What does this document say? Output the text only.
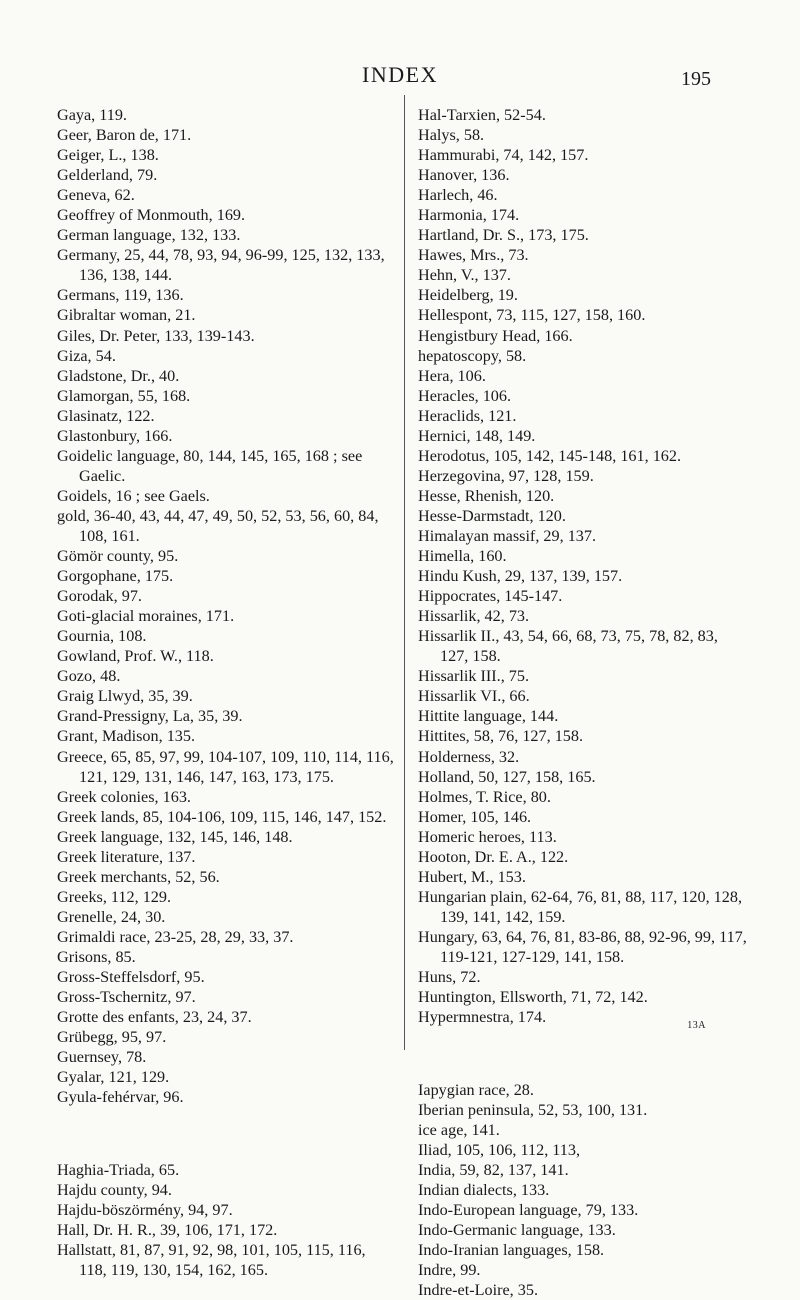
INDEX	195

Gaya, 119.

Geer, Baron de, 171.

Geiger, L., 138.

Gelderland, 79.

Geneva, 62.

Geoffrey of Monmouth, 169.

German language, 132, 133.

Germany, 25, 44, 78, 93, 94, 96-99, 125, 132, 133, 136, 138, 144.

Germans, 119, 136.

Gibraltar woman, 21.

Giles, Dr. Peter, 133, 139-143.

Giza, 54.

Gladstone, Dr., 40.

Glamorgan, 55, 168.

Glasinatz, 122.

Glastonbury, 166.

Goidelic language, 80, 144, 145, 165, 168 ; see Gaelic.

Goidels, 16 ; see Gaels.

gold, 36-40, 43, 44, 47, 49, 50, 52, 53, 56, 60, 84, 108, 161.

Gömör county, 95.

Gorgophane, 175.

Gorodak, 97.

Goti-glacial moraines, 171.

Gournia, 108.

Gowland, Prof. W., 118.

Gozo, 48.

Graig Llwyd, 35, 39.

Grand-Pressigny, La, 35, 39.

Grant, Madison, 135.

Greece, 65, 85, 97, 99, 104-107, 109, 110, 114, 116, 121, 129, 131, 146, 147, 163, 173, 175.

Greek colonies, 163.

Greek lands, 85, 104-106, 109, 115, 146, 147, 152.

Greek language, 132, 145, 146, 148.

Greek literature, 137.

Greek merchants, 52, 56.

Greeks, 112, 129.

Grenelle, 24, 30.

Grimaldi race, 23-25, 28, 29, 33, 37.

Grisons, 85.

Gross-Steffelsdorf, 95.

Gross-Tschernitz, 97.

Grotte des enfants, 23, 24, 37.

Grübegg, 95, 97.

Guernsey, 78.

Gyalar, 121, 129.

Gyula-fehérvar, 96.

Haghia-Triada, 65.

Hajdu county, 94.

Hajdu-böszörmény, 94, 97.

Hall, Dr. H. R., 39, 106, 171, 172.

Hallstatt, 81, 87, 91, 92, 98, 101, 105, 115, 116, 118, 119, 130, 154, 162, 165.

Hal-Tarxien, 52-54.

Halys, 58.

Hammurabi, 74, 142, 157.

Hanover, 136.

Harlech, 46.

Harmonia, 174.

Hartland, Dr. S., 173, 175.

Hawes, Mrs., 73.

Hehn, V., 137.

Heidelberg, 19.

Hellespont, 73, 115, 127, 158, 160.

Hengistbury Head, 166.

hepatoscopy, 58.

Hera, 106.

Heracles, 106.

Heraclids, 121.

Hernici, 148, 149.

Herodotus, 105, 142, 145-148, 161, 162.

Herzegovina, 97, 128, 159.

Hesse, Rhenish, 120.

Hesse-Darmstadt, 120.

Himalayan massif, 29, 137.

Himella, 160.

Hindu Kush, 29, 137, 139, 157.

Hippocrates, 145-147.

Hissarlik, 42, 73.

Hissarlik II., 43, 54, 66, 68, 73, 75, 78, 82, 83, 127, 158.

Hissarlik III., 75.

Hissarlik VI., 66.

Hittite language, 144.

Hittites, 58, 76, 127, 158.

Holderness, 32.

Holland, 50, 127, 158, 165.

Holmes, T. Rice, 80.

Homer, 105, 146.

Homeric heroes, 113.

Hooton, Dr. E. A., 122.

Hubert, M., 153.

Hungarian plain, 62-64, 76, 81, 88, 117, 120, 128, 139, 141, 142, 159.

Hungary, 63, 64, 76, 81, 83-86, 88, 92-96, 99, 117, 119-121, 127-129, 141, 158.

Huns, 72.

Huntington, Ellsworth, 71, 72, 142.

Hypermnestra, 174.

Iapygian race, 28.

Iberian peninsula, 52, 53, 100, 131.

ice age, 141.

Iliad, 105, 106, 112, 113,

India, 59, 82, 137, 141.

Indian dialects, 133.

Indo-European language, 79, 133.

Indo-Germanic language, 133.

Indo-Iranian languages, 158.

Indre, 99.

Indre-et-Loire, 35.

13A
